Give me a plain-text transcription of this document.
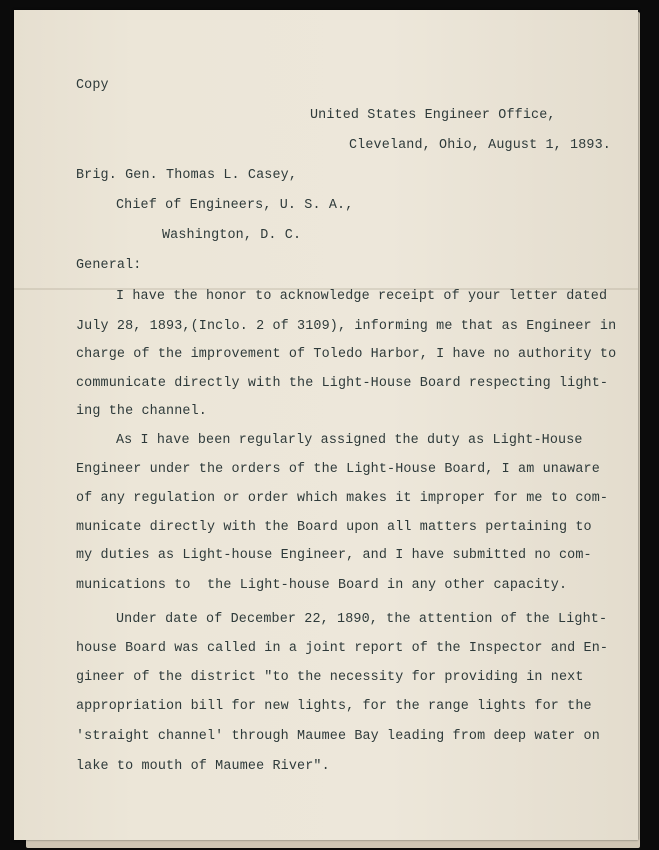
Copy
United States Engineer Office,
Cleveland, Ohio, August 1, 1893.
Brig. Gen. Thomas L. Casey,
Chief of Engineers, U. S. A.,
Washington, D. C.
General:
I have the honor to acknowledge receipt of your letter dated
July 28, 1893,(Inclo. 2 of 3109), informing me that as Engineer in
charge of the improvement of Toledo Harbor, I have no authority to
communicate directly with the Light-House Board respecting light-
ing the channel.
As I have been regularly assigned the duty as Light-House
Engineer under the orders of the Light-House Board, I am unaware
of any regulation or order which makes it improper for me to com-
municate directly with the Board upon all matters pertaining to
my duties as Light-house Engineer, and I have submitted no com-
munications to  the Light-house Board in any other capacity.
Under date of December 22, 1890, the attention of the Light-
house Board was called in a joint report of the Inspector and En-
gineer of the district "to the necessity for providing in next
appropriation bill for new lights, for the range lights for the
'straight channel' through Maumee Bay leading from deep water on
lake to mouth of Maumee River".
